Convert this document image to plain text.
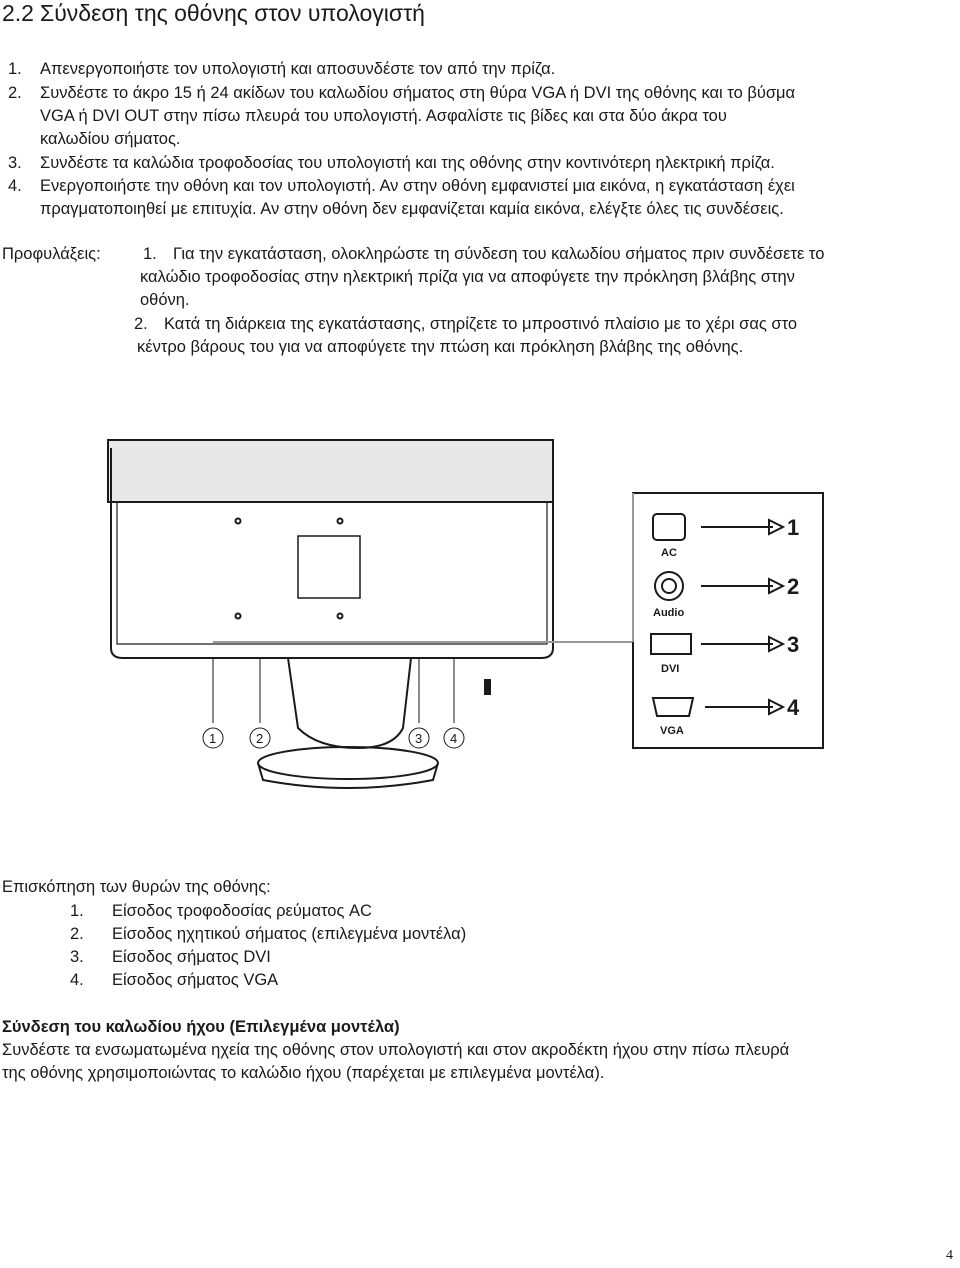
2.2 Σύνδεση της οθόνης στον υπολογιστή
1.	Απενεργοποιήστε τον υπολογιστή και αποσυνδέστε τον από την πρίζα.
2.	Συνδέστε το άκρο 15 ή 24 ακίδων του καλωδίου σήματος στη θύρα VGA ή DVI της οθόνης και το βύσμα
VGA ή DVI OUT στην πίσω πλευρά του υπολογιστή. Ασφαλίστε τις βίδες και στα δύο άκρα του
καλωδίου σήματος.
3.	Συνδέστε τα καλώδια τροφοδοσίας του υπολογιστή και της οθόνης στην κοντινότερη ηλεκτρική πρίζα.
4.	Ενεργοποιήστε την οθόνη και τον υπολογιστή. Αν στην οθόνη εμφανιστεί μια εικόνα, η εγκατάσταση έχει
πραγματοποιηθεί με επιτυχία. Αν στην οθόνη δεν εμφανίζεται καμία εικόνα, ελέγξτε όλες τις συνδέσεις.
Προφυλάξεις:	1. Για την εγκατάσταση, ολοκληρώστε τη σύνδεση του καλωδίου σήματος πριν συνδέσετε το
καλώδιο τροφοδοσίας στην ηλεκτρική πρίζα για να αποφύγετε την πρόκληση βλάβης στην
οθόνη.
2. Κατά τη διάρκεια της εγκατάστασης, στηρίζετε το μπροστινό πλαίσιο με το χέρι σας στο
κέντρο βάρους του για να αποφύγετε την πτώση και πρόκληση βλάβης της οθόνης.
1	2	3 4
1
2
3
4
AC
Audio
DVI
VGA
Επισκόπηση των θυρών της οθόνης:
1.	Είσοδος τροφοδοσίας ρεύματος AC
2.	Είσοδος ηχητικού σήματος (επιλεγμένα μοντέλα)
3.	Είσοδος σήματος DVI
4.	Είσοδος σήματος VGA
Σύνδεση του καλωδίου ήχου (Επιλεγμένα μοντέλα)
Συνδέστε τα ενσωματωμένα ηχεία της οθόνης στον υπολογιστή και στον ακροδέκτη ήχου στην πίσω πλευρά
της οθόνης χρησιμοποιώντας το καλώδιο ήχου (παρέχεται με επιλεγμένα μοντέλα).
4
